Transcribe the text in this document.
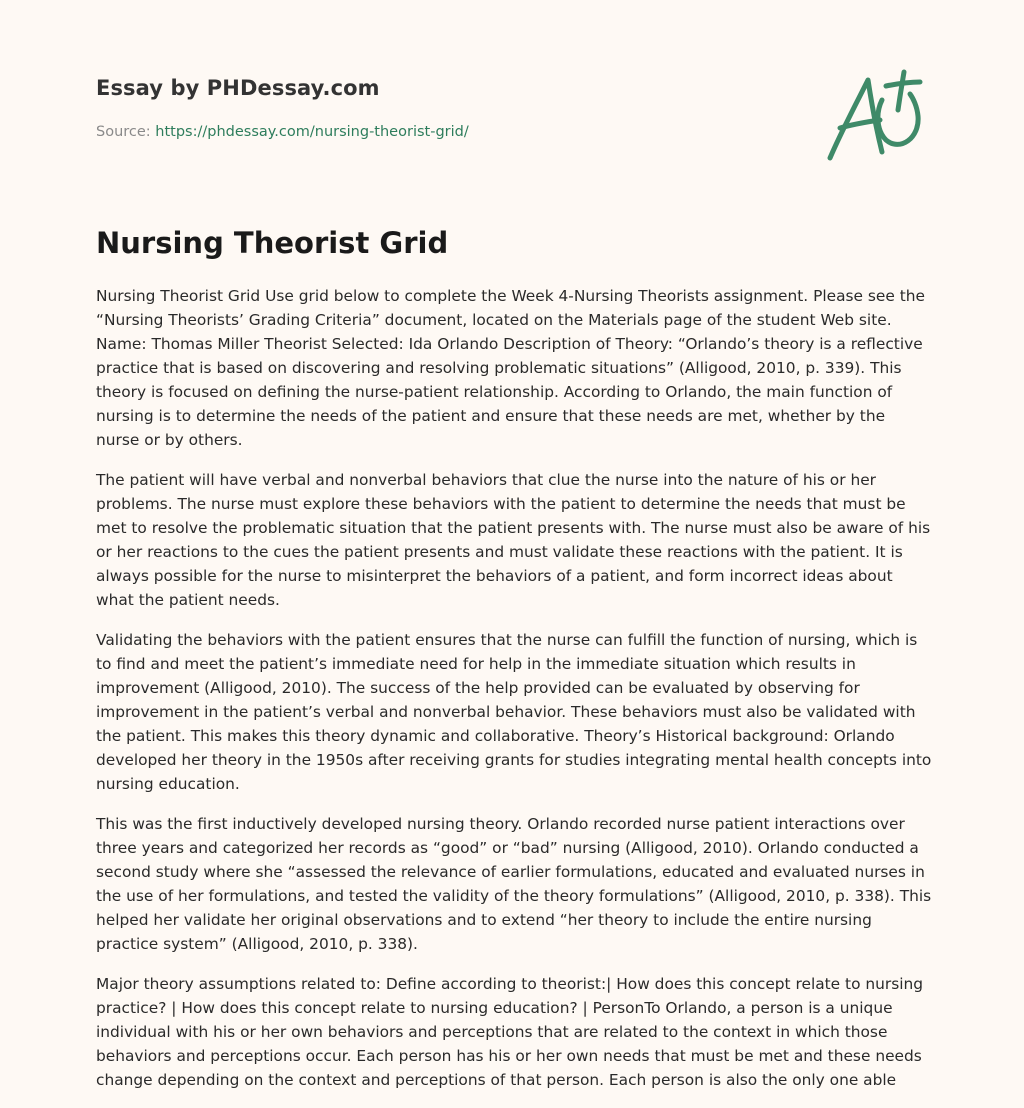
Essay by PHDessay.com
Source: https://phdessay.com/nursing-theorist-grid/
Nursing Theorist Grid

Nursing Theorist Grid Use grid below to complete the Week 4-Nursing Theorists assignment. Please see the “Nursing Theorists’ Grading Criteria” document, located on the Materials page of the student Web site. Name: Thomas Miller Theorist Selected: Ida Orlando Description of Theory: “Orlando’s theory is a reflective practice that is based on discovering and resolving problematic situations” (Alligood, 2010, p. 339). This theory is focused on defining the nurse-patient relationship. According to Orlando, the main function of nursing is to determine the needs of the patient and ensure that these needs are met, whether by the nurse or by others.

The patient will have verbal and nonverbal behaviors that clue the nurse into the nature of his or her problems. The nurse must explore these behaviors with the patient to determine the needs that must be met to resolve the problematic situation that the patient presents with. The nurse must also be aware of his or her reactions to the cues the patient presents and must validate these reactions with the patient. It is always possible for the nurse to misinterpret the behaviors of a patient, and form incorrect ideas about what the patient needs.

Validating the behaviors with the patient ensures that the nurse can fulfill the function of nursing, which is to find and meet the patient’s immediate need for help in the immediate situation which results in improvement (Alligood, 2010). The success of the help provided can be evaluated by observing for improvement in the patient’s verbal and nonverbal behavior. These behaviors must also be validated with the patient. This makes this theory dynamic and collaborative. Theory’s Historical background: Orlando developed her theory in the 1950s after receiving grants for studies integrating mental health concepts into nursing education.

This was the first inductively developed nursing theory. Orlando recorded nurse patient interactions over three years and categorized her records as “good” or “bad” nursing (Alligood, 2010). Orlando conducted a second study where she “assessed the relevance of earlier formulations, educated and evaluated nurses in the use of her formulations, and tested the validity of the theory formulations” (Alligood, 2010, p. 338). This helped her validate her original observations and to extend “her theory to include the entire nursing practice system” (Alligood, 2010, p. 338).

Major theory assumptions related to: Define according to theorist:| How does this concept relate to nursing practice? | How does this concept relate to nursing education? | PersonTo Orlando, a person is a unique individual with his or her own behaviors and perceptions that are related to the context in which those behaviors and perceptions occur. Each person has his or her own needs that must be met and these needs change depending on the context and perceptions of that person. Each person is also the only one able
